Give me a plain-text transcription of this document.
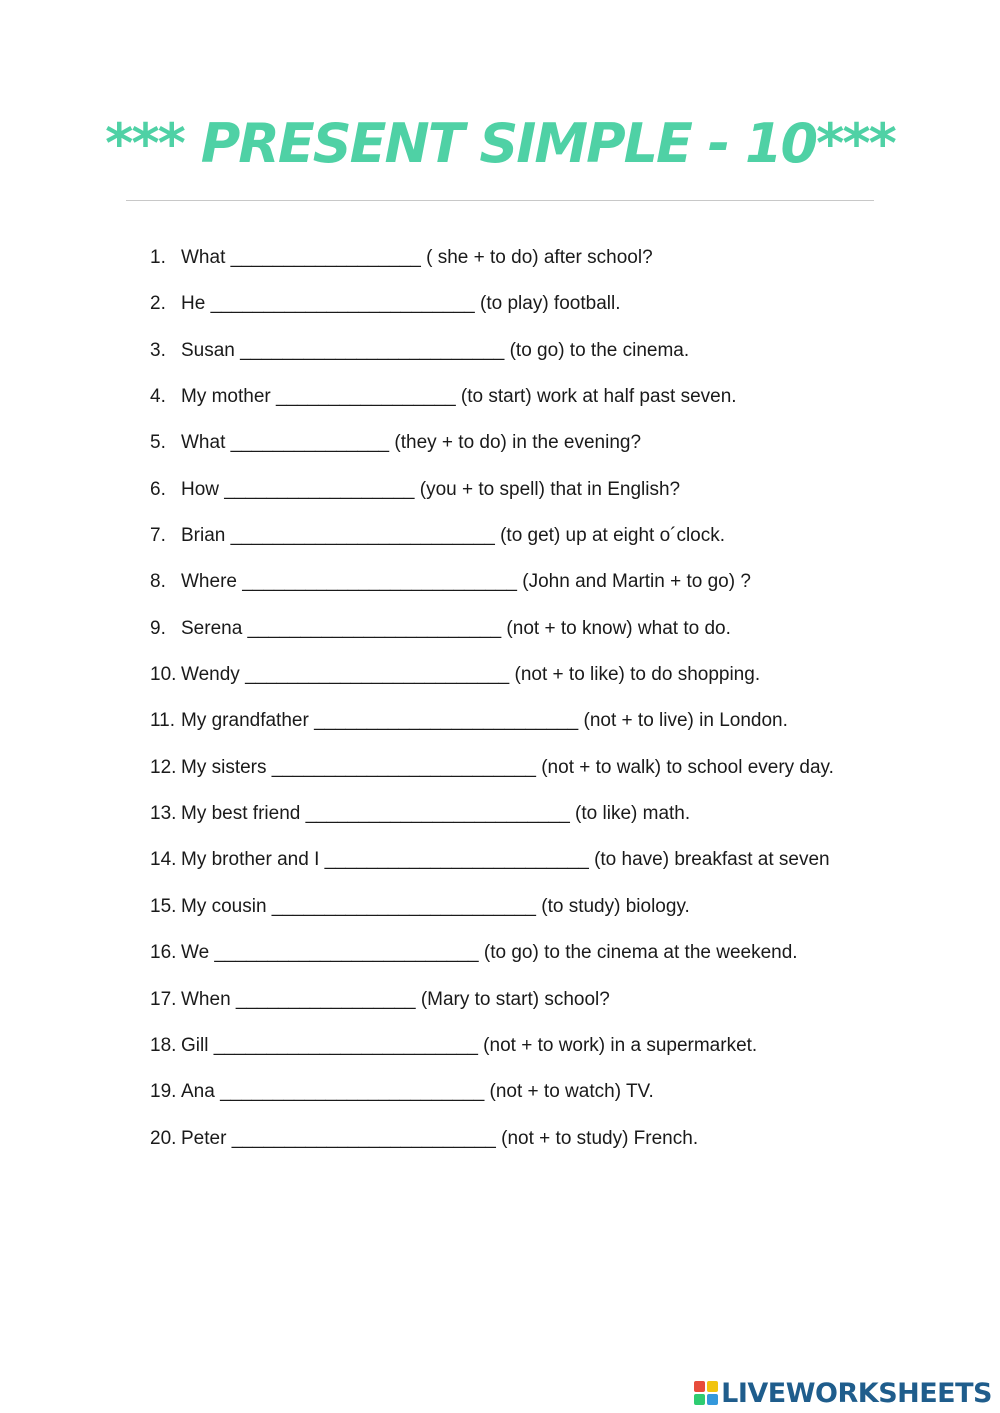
*** PRESENT SIMPLE - 10***
1. What __________________ ( she + to do) after school?
2. He _________________________ (to play) football.
3. Susan _________________________ (to go) to the cinema.
4. My mother _________________ (to start) work at half past seven.
5. What _______________ (they + to do) in the evening?
6. How __________________ (you + to spell) that in English?
7. Brian _________________________ (to get) up at eight o´clock.
8. Where __________________________ (John and Martin + to go) ?
9. Serena ________________________ (not + to know) what to do.
10. Wendy _________________________ (not + to like) to do shopping.
11. My grandfather _________________________ (not + to live) in London.
12. My sisters _________________________ (not + to walk) to school every day.
13. My best friend _________________________ (to like) math.
14. My brother and I _________________________ (to have) breakfast at seven
15. My cousin _________________________ (to study) biology.
16. We _________________________ (to go) to the cinema at the weekend.
17. When _________________ (Mary to start) school?
18. Gill _________________________ (not + to work) in a supermarket.
19. Ana _________________________ (not + to watch) TV.
20. Peter _________________________ (not + to study) French.
LIVEWORKSHEETS
